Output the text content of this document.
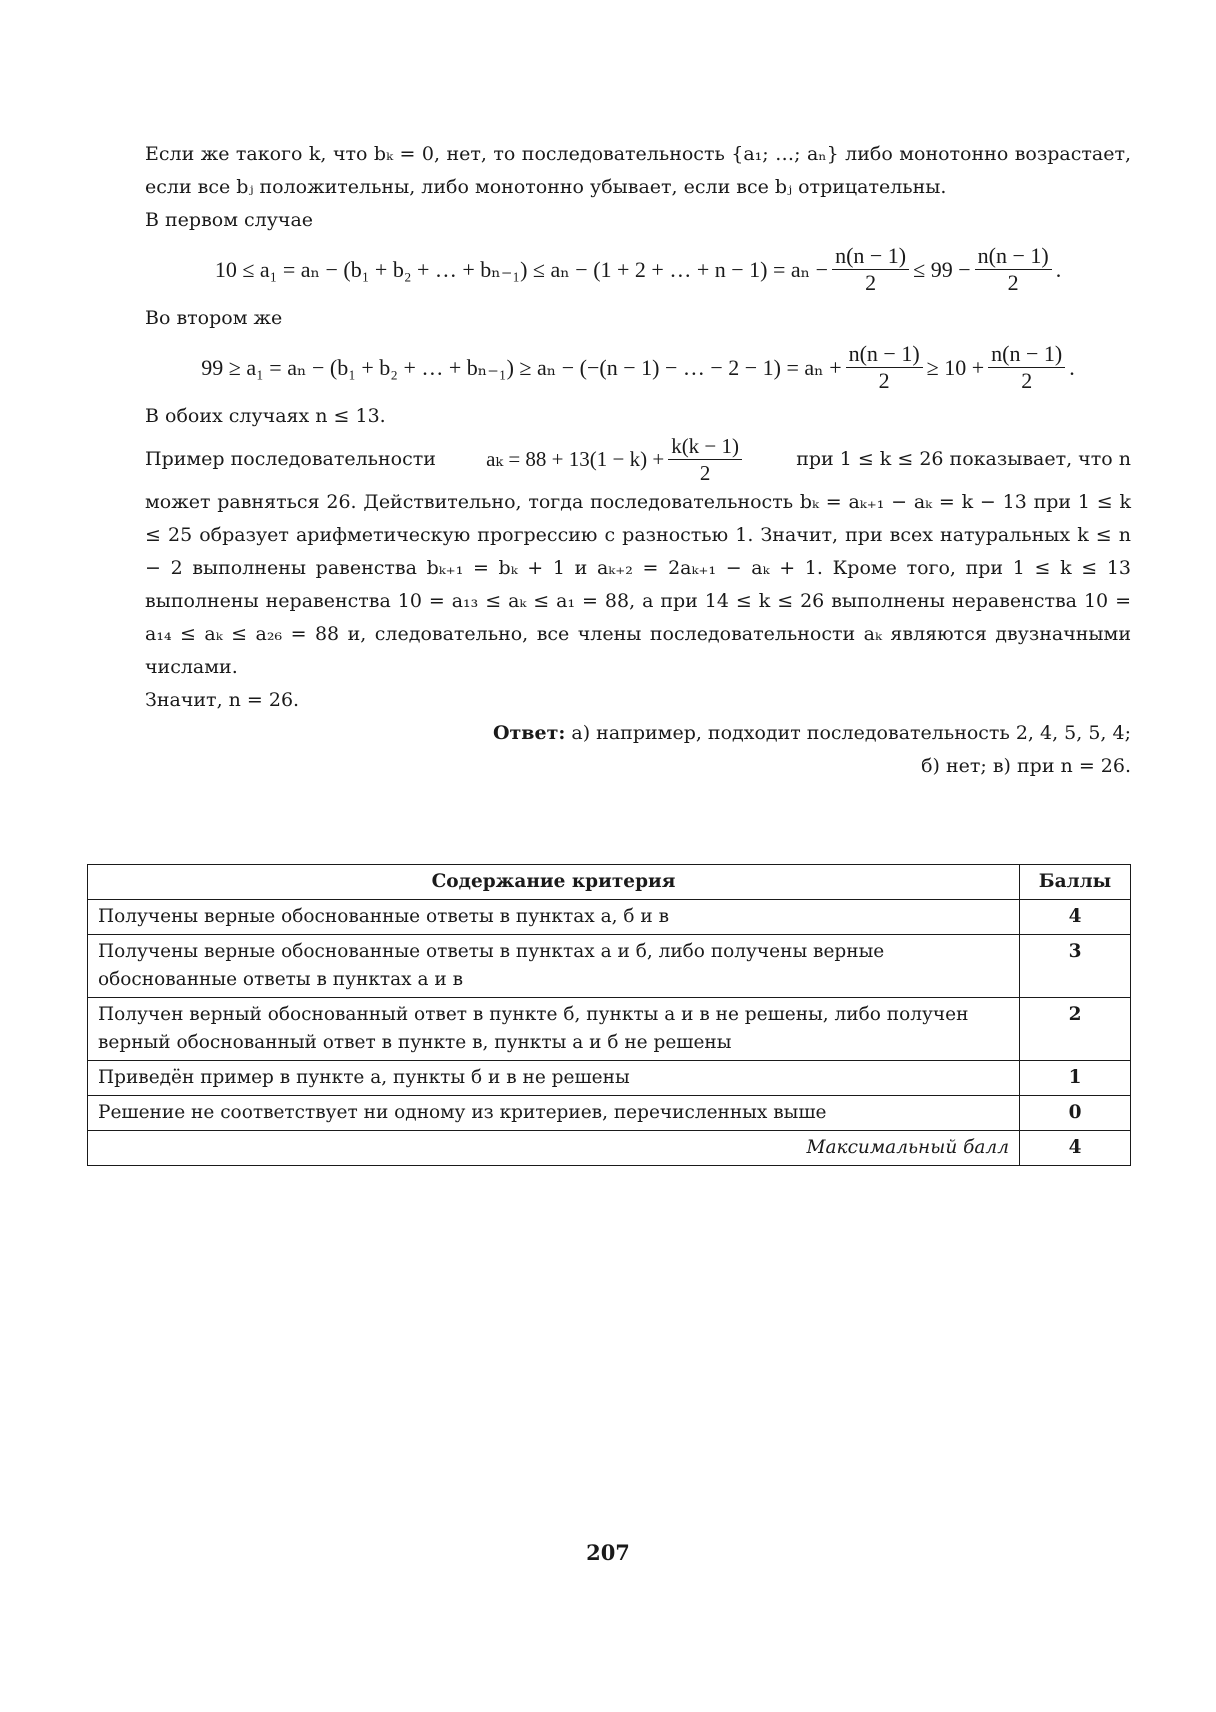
Если же такого k, что bₖ = 0, нет, то последовательность {a₁; …; aₙ} либо монотонно возрастает, если все bⱼ положительны, либо монотонно убывает, если все bⱼ отрицательны.

В первом случае

10 ≤ a₁ = aₙ − (b₁ + b₂ + … + bₙ₋₁) ≤ aₙ − (1 + 2 + … + $n - 1) = a_n - \frac{n(n - 1)}{2} \le 99 - \frac{n(n - 1)}{2}$ .

Во втором же

99 ≥ a₁ = aₙ − (b₁ + b₂ + … + bₙ₋₁) ≥ aₙ − (−(n − 1) − … − $2 - 1) = a_n + \frac{n(n - 1)}{2} \ge 10 + \frac{n(n - 1)}{2}$ .

В обоих случаях n ≤ 13.

Пример последовательности $a_k = 88 + 13(1 - k) + \frac{k(k - 1)}{2}$	при 1 ≤ k ≤ 26 показывает, что n

может равняться 26. Действительно, тогда последовательность bₖ = aₖ₊₁ − aₖ = k − 13 при 1 ≤ k ≤ 25 образует арифметическую прогрессию с разностью 1. Значит, при всех натуральных k ≤ n − 2 выполнены равенства bₖ₊₁ = bₖ + 1 и aₖ₊₂ = 2aₖ₊₁ − aₖ + 1. Кроме того, при 1 ≤ k ≤ 13 выполнены неравенства 10 = a₁₃ ≤ aₖ ≤ a₁ = 88, а при 14 ≤ k ≤ 26 выполнены неравенства 10 = a₁₄ ≤ aₖ ≤ a₂₆ = 88 и, следовательно, все члены последовательности aₖ являются двузначными числами.

Значит, n = 26.

Ответ: а) например, подходит последовательность 2, 4, 5, 5, 4;

б) нет; в) при n = 26.

Содержание критерия	Баллы
Получены верные обоснованные ответы в пунктах а, б и в	4
Получены верные обоснованные ответы в пунктах а и б, либо получены верные обоснованные ответы в пунктах а и в	3
Получен верный обоснованный ответ в пункте б, пункты а и в не решены, либо получен верный обоснованный ответ в пункте в, пункты а и б не решены	2
Приведён пример в пункте а, пункты б и в не решены	1
Решение не соответствует ни одному из критериев, перечисленных выше	0
Максимальный балл	4
207
